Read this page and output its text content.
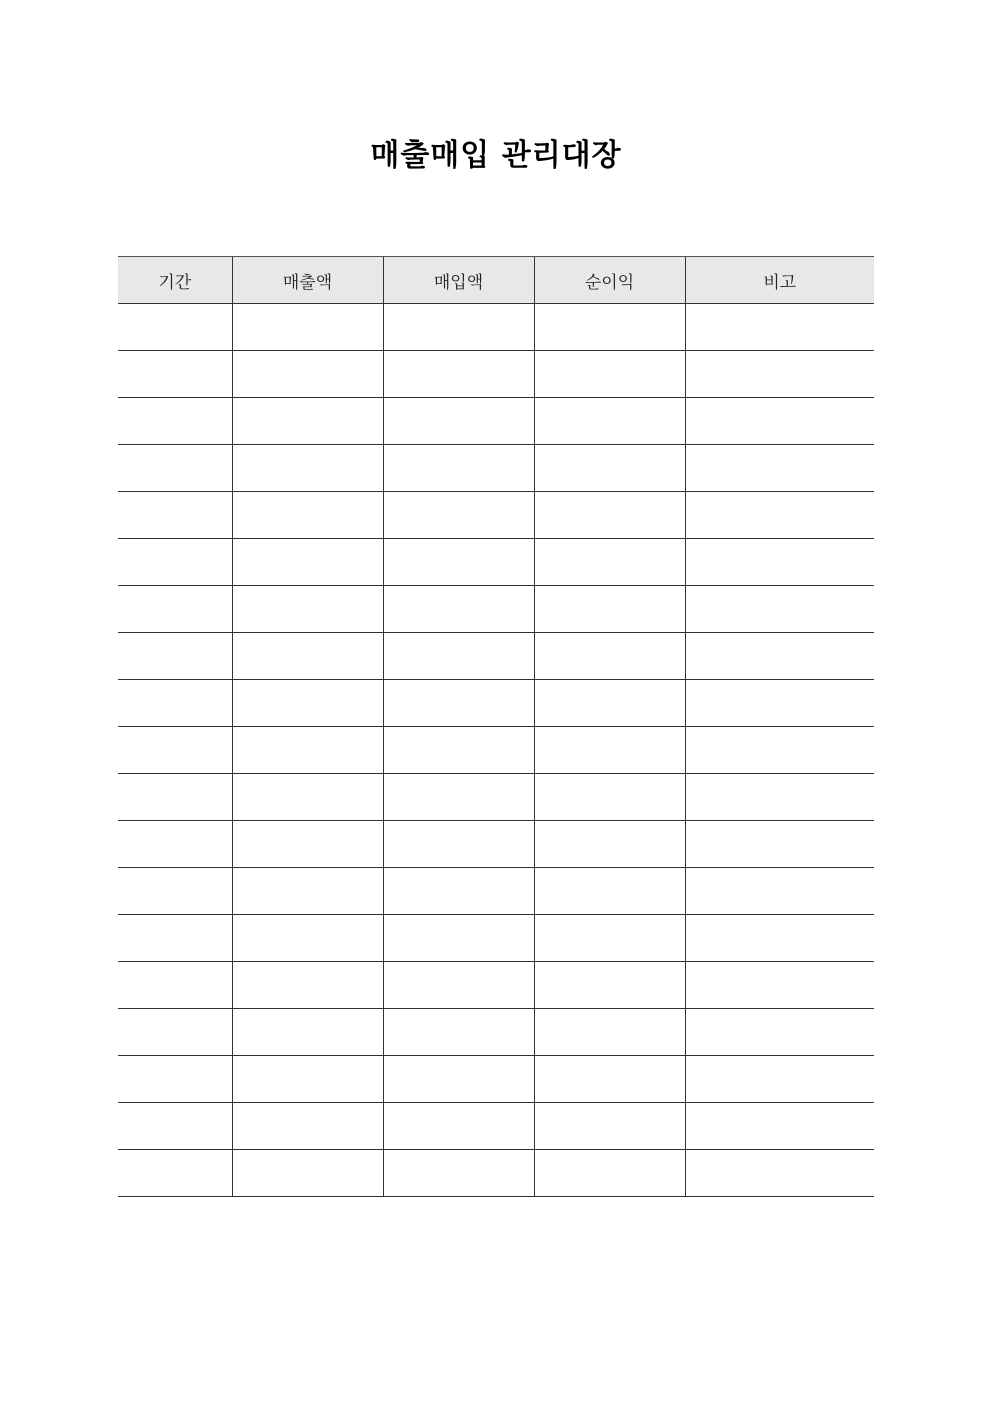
매출매입 관리대장
기간	매출액	매입액	순이익	비고
